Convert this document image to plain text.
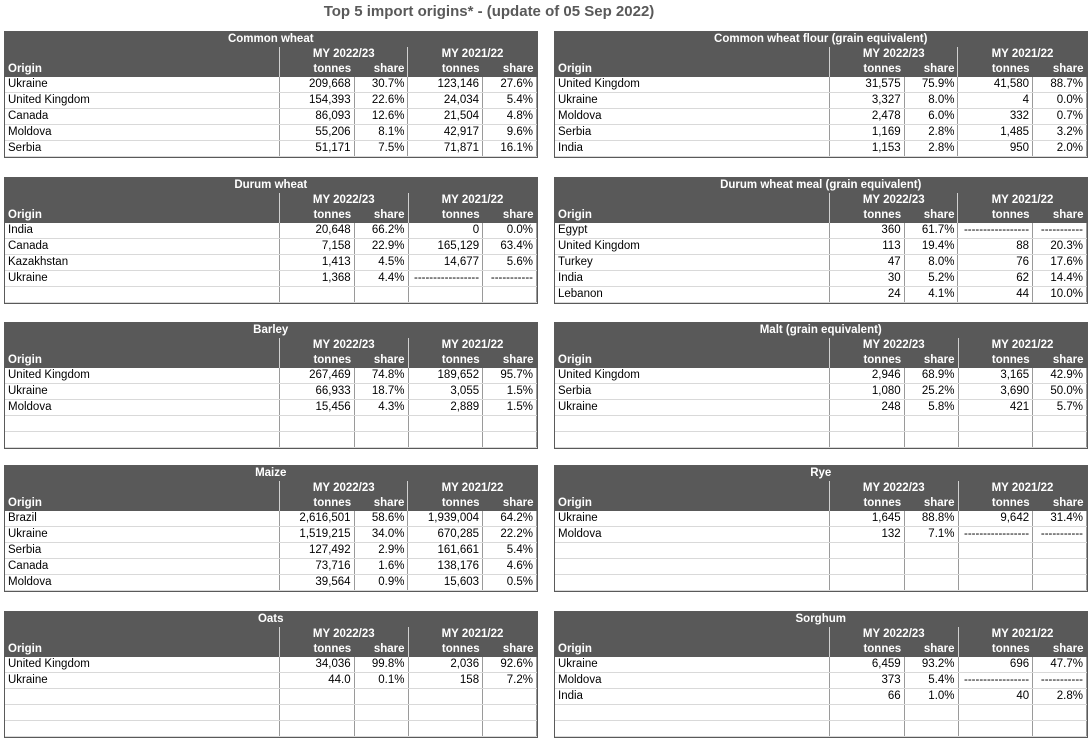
Top 5 import origins* - (update of 05 Sep 2022)
Common wheat				
	MY 2022/23		MY 2021/22	
Origin	tonnes	share	tonnes	share
Ukraine	209,668	30.7%	123,146	27.6%
United Kingdom	154,393	22.6%	24,034	5.4%
Canada	86,093	12.6%	21,504	4.8%
Moldova	55,206	8.1%	42,917	9.6%
Serbia	51,171	7.5%	71,871	16.1%
Common wheat flour (grain equivalent)				
	MY 2022/23		MY 2021/22	
Origin	tonnes	share	tonnes	share
United Kingdom	31,575	75.9%	41,580	88.7%
Ukraine	3,327	8.0%	4	0.0%
Moldova	2,478	6.0%	332	0.7%
Serbia	1,169	2.8%	1,485	3.2%
India	1,153	2.8%	950	2.0%
Durum wheat				
	MY 2022/23		MY 2021/22	
Origin	tonnes	share	tonnes	share
India	20,648	66.2%	0	0.0%
Canada	7,158	22.9%	165,129	63.4%
Kazakhstan	1,413	4.5%	14,677	5.6%
Ukraine	1,368	4.4%	-----------------	-----------

Durum wheat meal (grain equivalent)				
	MY 2022/23		MY 2021/22	
Origin	tonnes	share	tonnes	share
Egypt	360	61.7%	-----------------	-----------
United Kingdom	113	19.4%	88	20.3%
Turkey	47	8.0%	76	17.6%
India	30	5.2%	62	14.4%
Lebanon	24	4.1%	44	10.0%
Barley				
	MY 2022/23		MY 2021/22	
Origin	tonnes	share	tonnes	share
United Kingdom	267,469	74.8%	189,652	95.7%
Ukraine	66,933	18.7%	3,055	1.5%
Moldova	15,456	4.3%	2,889	1.5%

Malt (grain equivalent)				
	MY 2022/23		MY 2021/22	
Origin	tonnes	share	tonnes	share
United Kingdom	2,946	68.9%	3,165	42.9%
Serbia	1,080	25.2%	3,690	50.0%
Ukraine	248	5.8%	421	5.7%

Maize				
	MY 2022/23		MY 2021/22	
Origin	tonnes	share	tonnes	share
Brazil	2,616,501	58.6%	1,939,004	64.2%
Ukraine	1,519,215	34.0%	670,285	22.2%
Serbia	127,492	2.9%	161,661	5.4%
Canada	73,716	1.6%	138,176	4.6%
Moldova	39,564	0.9%	15,603	0.5%
Rye				
	MY 2022/23		MY 2021/22	
Origin	tonnes	share	tonnes	share
Ukraine	1,645	88.8%	9,642	31.4%
Moldova	132	7.1%	-----------------	-----------

Oats				
	MY 2022/23		MY 2021/22	
Origin	tonnes	share	tonnes	share
United Kingdom	34,036	99.8%	2,036	92.6%
Ukraine	44.0	0.1%	158	7.2%

Sorghum				
	MY 2022/23		MY 2021/22	
Origin	tonnes	share	tonnes	share
Ukraine	6,459	93.2%	696	47.7%
Moldova	373	5.4%	-----------------	-----------
India	66	1.0%	40	2.8%
